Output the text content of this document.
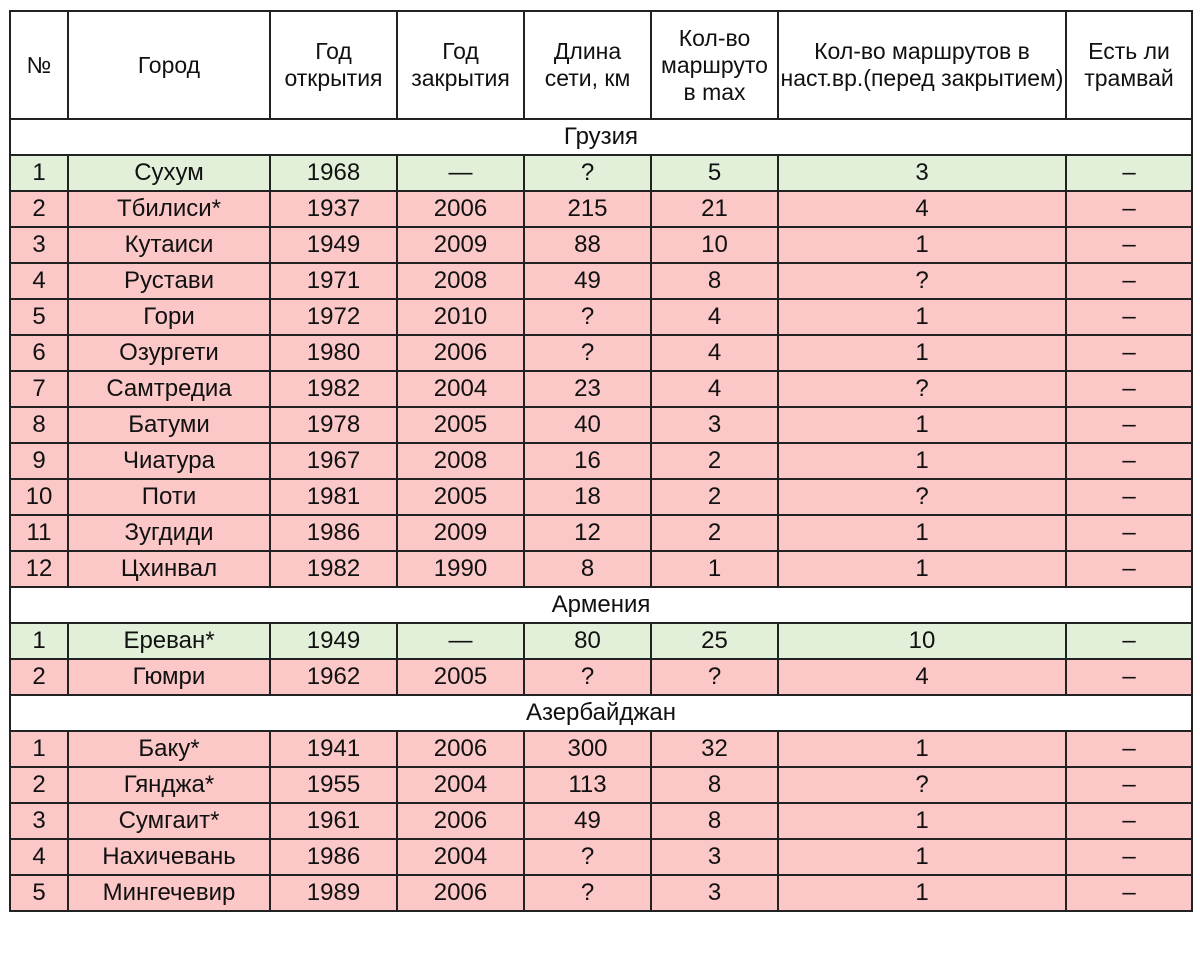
№	Город	Год открытия	Год закрытия	Длина сети, км	Кол-во маршруто в max	Кол-во маршрутов в наст.вр.(перед закрытием)	Есть ли трамвай
Грузия							
1	Сухум	1968	—	?	5	3	–
2	Тбилиси*	1937	2006	215	21	4	–
3	Кутаиси	1949	2009	88	10	1	–
4	Рустави	1971	2008	49	8	?	–
5	Гори	1972	2010	?	4	1	–
6	Озургети	1980	2006	?	4	1	–
7	Самтредиа	1982	2004	23	4	?	–
8	Батуми	1978	2005	40	3	1	–
9	Чиатура	1967	2008	16	2	1	–
10	Поти	1981	2005	18	2	?	–
11	Зугдиди	1986	2009	12	2	1	–
12	Цхинвал	1982	1990	8	1	1	–
Армения							
1	Ереван*	1949	—	80	25	10	–
2	Гюмри	1962	2005	?	?	4	–
Азербайджан							
1	Баку*	1941	2006	300	32	1	–
2	Гянджа*	1955	2004	113	8	?	–
3	Сумгаит*	1961	2006	49	8	1	–
4	Нахичевань	1986	2004	?	3	1	–
5	Мингечевир	1989	2006	?	3	1	–
